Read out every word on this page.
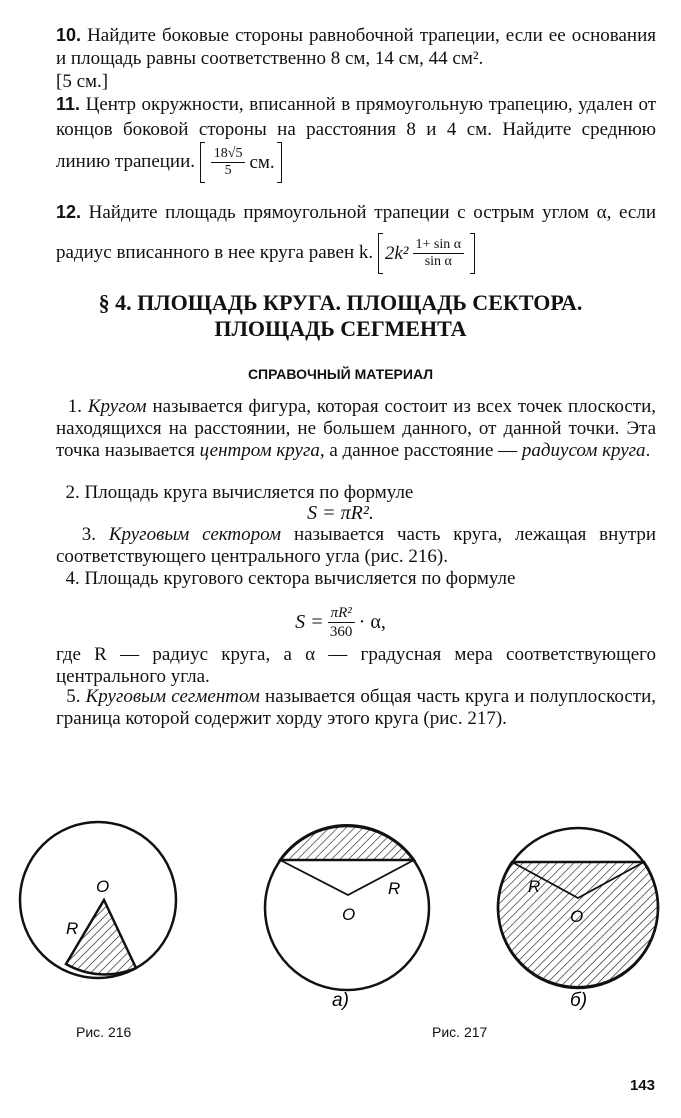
10. Найдите боковые стороны равнобочной трапеции, если ее основания и площадь равны соответственно 8 см, 14 см, 44 см².
[5 см.]
11. Центр окружности, вписанной в прямоугольную трапецию, удален от концов боковой стороны на расстояния 8 и 4 см. Найдите среднюю линию трапеции. $\frac{18√5}{5}$ см.
12. Найдите площадь прямоугольной трапеции с острым углом α, если радиус вписанного в нее круга равен k. $2k^2 \frac{\text{1+ sin α}}{\text{sin α}}$
§ 4. ПЛОЩАДЬ КРУГА. ПЛОЩАДЬ СЕКТОРА.
ПЛОЩАДЬ СЕГМЕНТА
СПРАВОЧНЫЙ МАТЕРИАЛ
1. Кругом называется фигура, которая состоит из всех точек плоскости, находящихся на расстоянии, не большем данного, от данной точки. Эта точка называется центром круга, а данное расстояние — радиусом круга.
2. Площадь круга вычисляется по формуле
S = πR².
3. Круговым сектором называется часть круга, лежащая внутри соответствующего центрального угла (рис. 216).
4. Площадь кругового сектора вычисляется по формуле
$S = \frac{\text{πR²}}{360} \cdot \alpha$,
где R — радиус круга, а α — градусная мера соответствующего центрального угла.
5. Круговым сегментом называется общая часть круга и полуплоскости, граница которой содержит хорду этого круга (рис. 217).
O
R
O
R
а)
O
R
б)
Рис. 216	Рис. 217
143
